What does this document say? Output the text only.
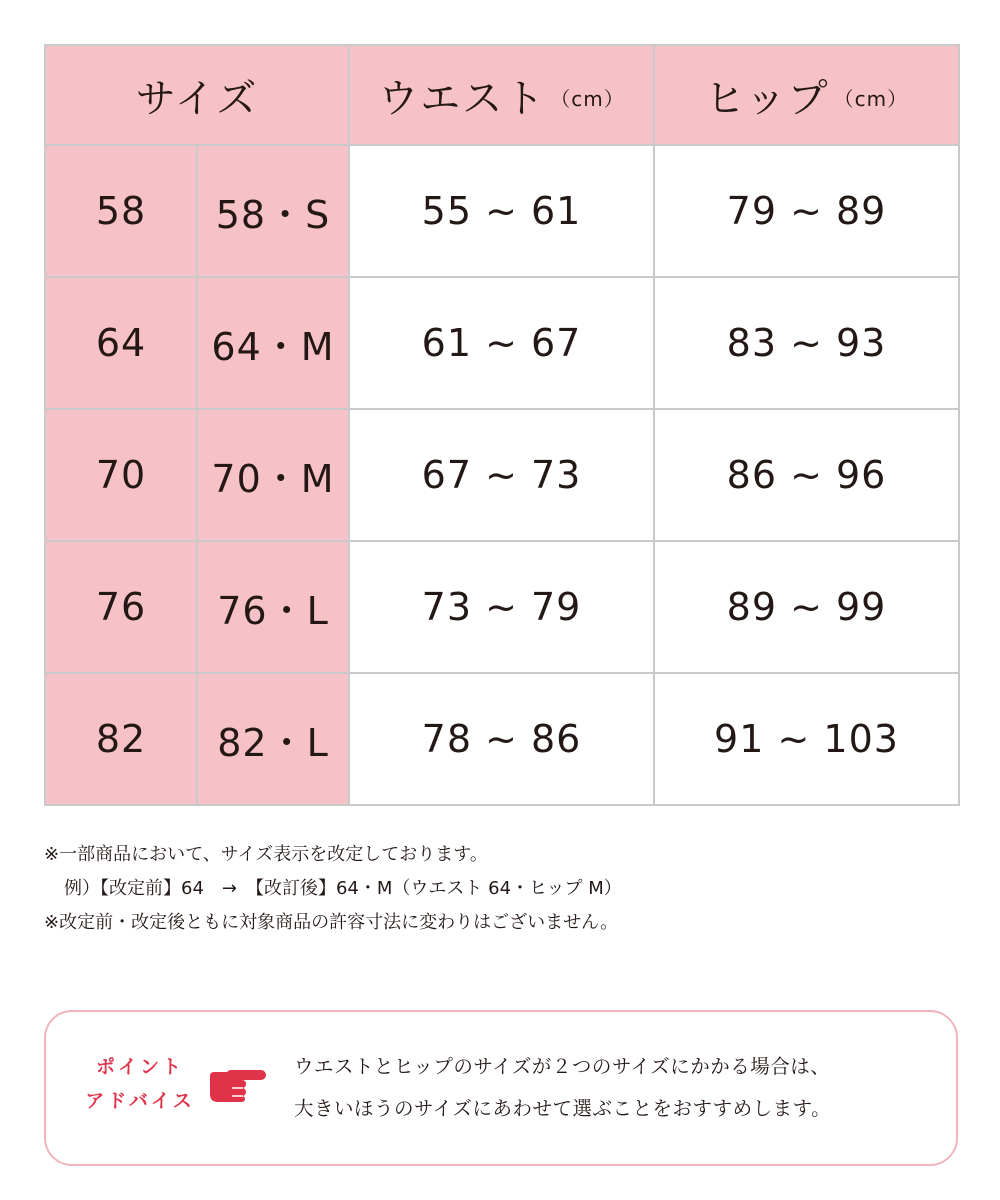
サイズ		ウエスト （cm）	ヒップ （cm）
58	58・S	55 ~ 61	79 ~ 89
64	64・M	61 ~ 67	83 ~ 93
70	70・M	67 ~ 73	86 ~ 96
76	76・L	73 ~ 79	89 ~ 99
82	82・L	78 ~ 86	91 ~ 103
※一部商品において、サイズ表示を改定しております。
例）【改定前】64　→　【改訂後】64・M（ウエスト 64・ヒップ M）
※改定前・改定後ともに対象商品の許容寸法に変わりはございません。
ポイント
アドバイス
ウエストとヒップのサイズが２つのサイズにかかる場合は、
大きいほうのサイズにあわせて選ぶことをおすすめします。
